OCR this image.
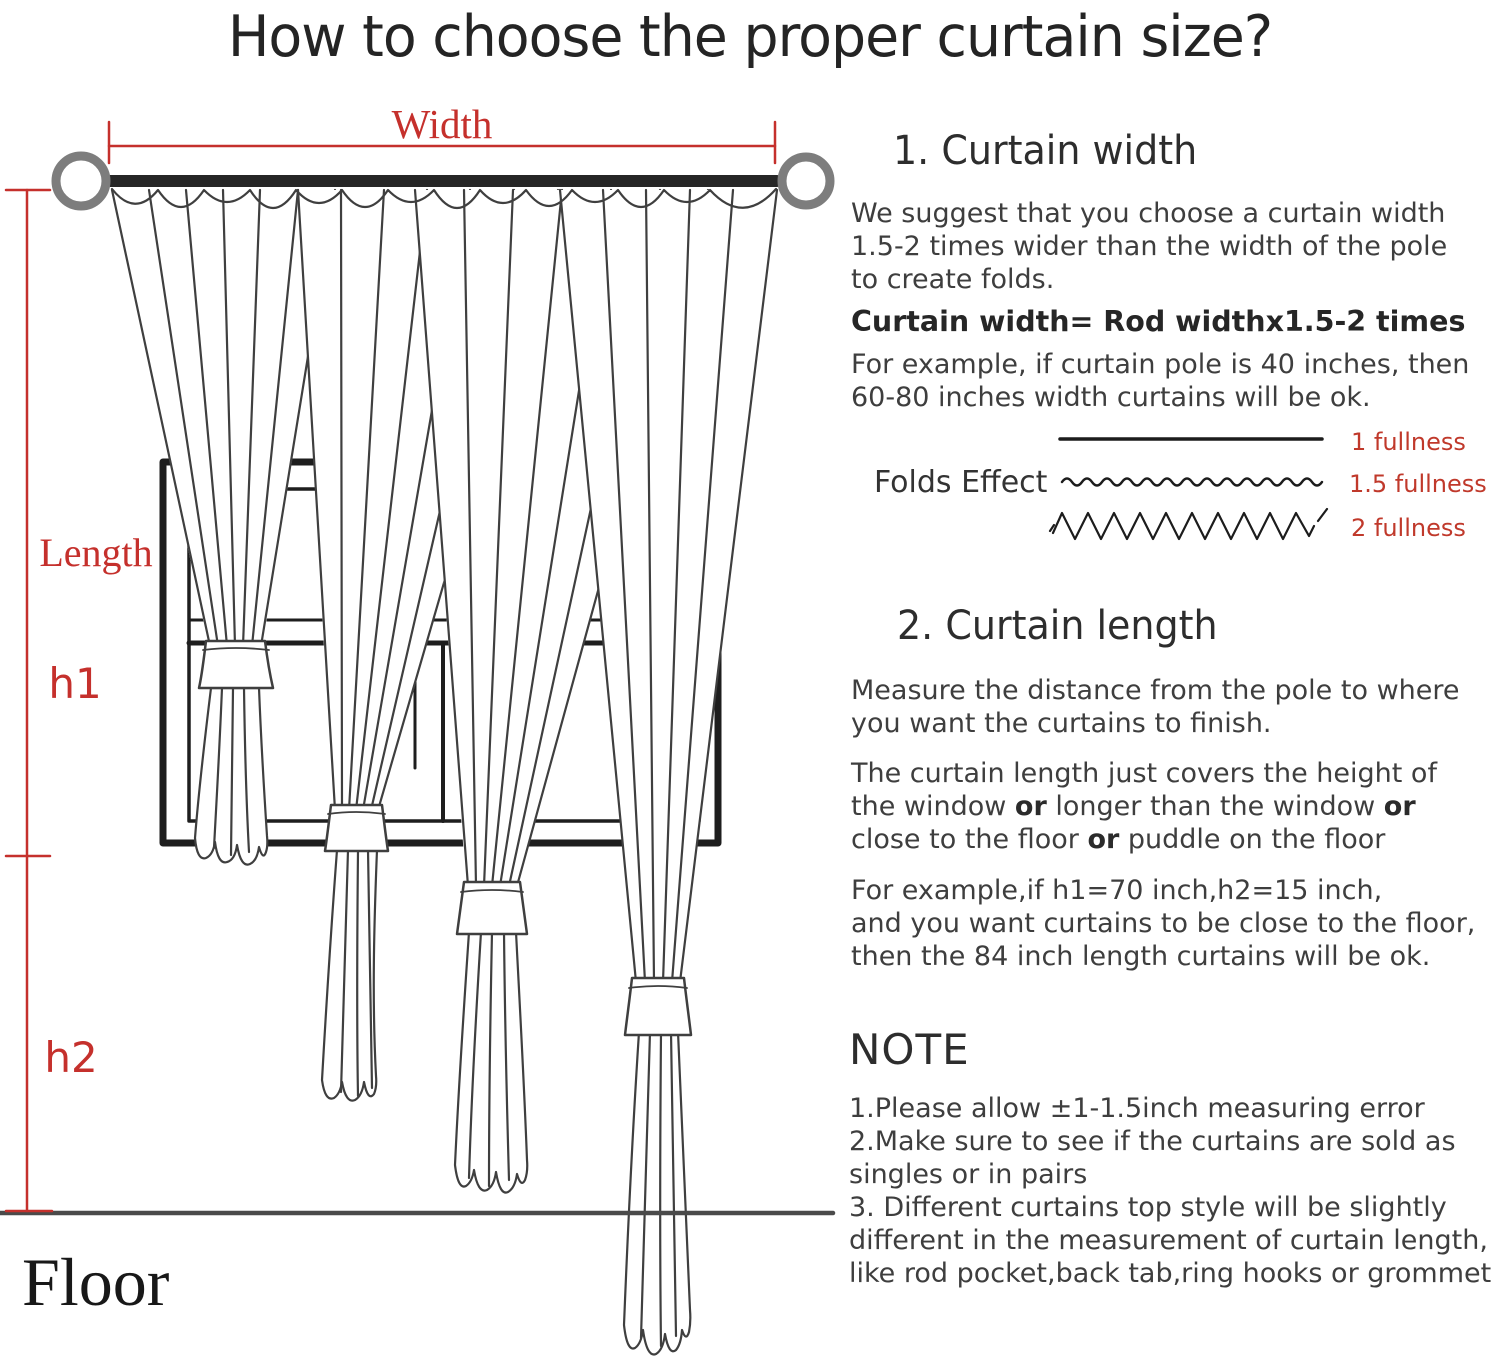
Width
Length
h1
h2
Floor
How to choose the proper curtain size?
1. Curtain width
We suggest that you choose a curtain width
1.5-2 times wider than the width of the pole
to create folds.
Curtain width= Rod widthx1.5-2 times
For example, if curtain pole is 40 inches, then
60-80 inches width curtains will be ok.
Folds Effect
1 fullness
1.5 fullness
2 fullness
2. Curtain length
Measure the distance from the pole to where
you want the curtains to finish.
The curtain length just covers the height of
the window or longer than the window or
close to the floor or puddle on the floor
For example,if h1=70 inch,h2=15 inch,
and you want curtains to be close to the floor,
then the 84 inch length curtains will be ok.
NOTE
1.Please allow ±1-1.5inch measuring error
2.Make sure to see if the curtains are sold as
singles or in pairs
3. Different curtains top style will be slightly
different in the measurement of curtain length,
like rod pocket,back tab,ring hooks or grommet
